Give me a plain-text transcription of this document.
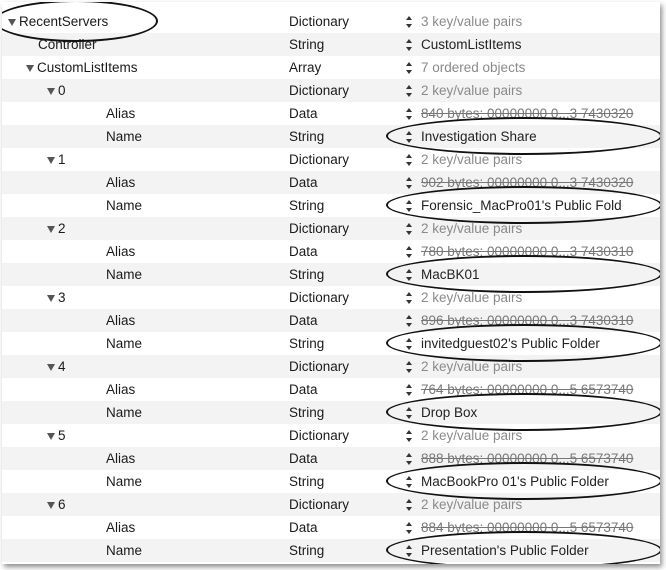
RecentServers	Dictionary	3 key/value pairs
Controller	String	CustomListItems
CustomListItems	Array	7 ordered objects
0	Dictionary	2 key/value pairs
Alias	Data	840 bytes: 00000000 0...3 7430320
Name	String	Investigation Share
1	Dictionary	2 key/value pairs
Alias	Data	902 bytes: 00000000 0...3 7430320
Name	String	Forensic_MacPro01's Public Fold
2	Dictionary	2 key/value pairs
Alias	Data	780 bytes: 00000000 0...3 7430310
Name	String	MacBK01
3	Dictionary	2 key/value pairs
Alias	Data	896 bytes: 00000000 0...3 7430310
Name	String	invitedguest02's Public Folder
4	Dictionary	2 key/value pairs
Alias	Data	764 bytes: 00000000 0...5 6573740
Name	String	Drop Box
5	Dictionary	2 key/value pairs
Alias	Data	888 bytes: 00000000 0...5 6573740
Name	String	MacBookPro 01's Public Folder
6	Dictionary	2 key/value pairs
Alias	Data	884 bytes: 00000000 0...5 6573740
Name	String	Presentation's Public Folder
